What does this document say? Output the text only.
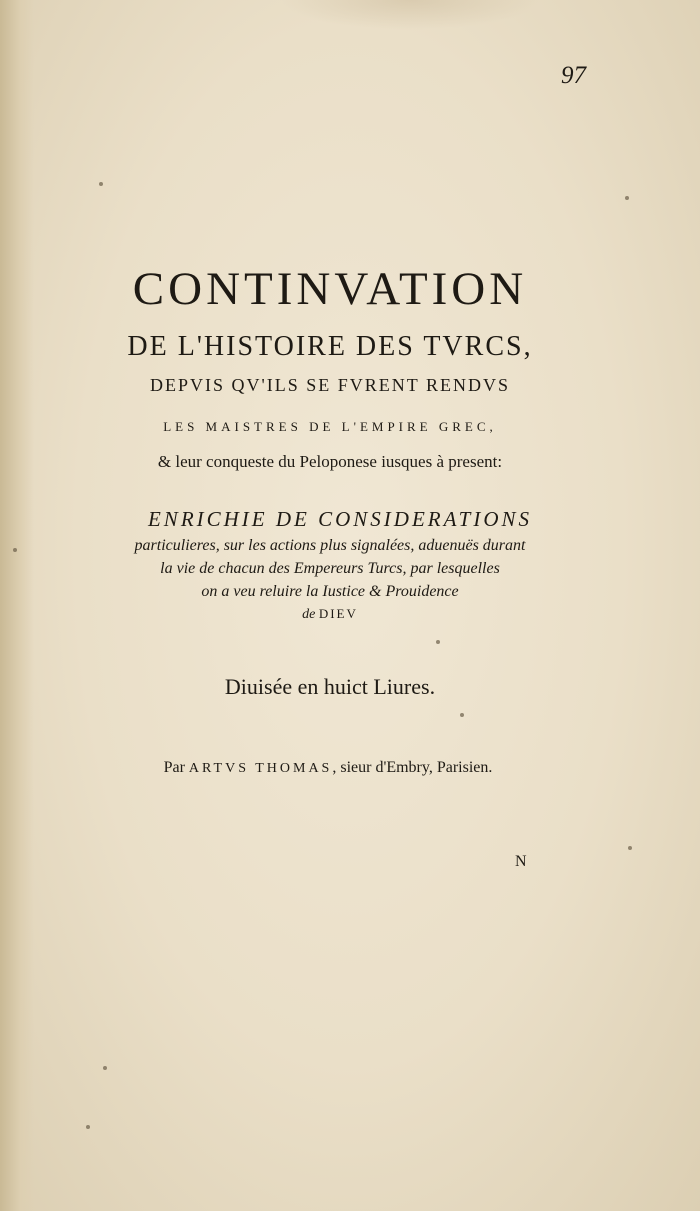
97
CONTINVATION
DE L'HISTOIRE DES TVRCS,
DEPVIS QV'ILS SE FVRENT RENDVS
LES MAISTRES DE L'EMPIRE GREC,
& leur conqueste du Peloponese iusques à present:
ENRICHIE DE CONSIDERATIONS
particulieres, sur les actions plus signalées, aduenuës durant
la vie de chacun des Empereurs Turcs, par lesquelles
on a veu reluire la Iustice & Prouidence
de DIEV
Diuisée en huict Liures.
Par ARTVS THOMAS, sieur d'Embry, Parisien.
N
